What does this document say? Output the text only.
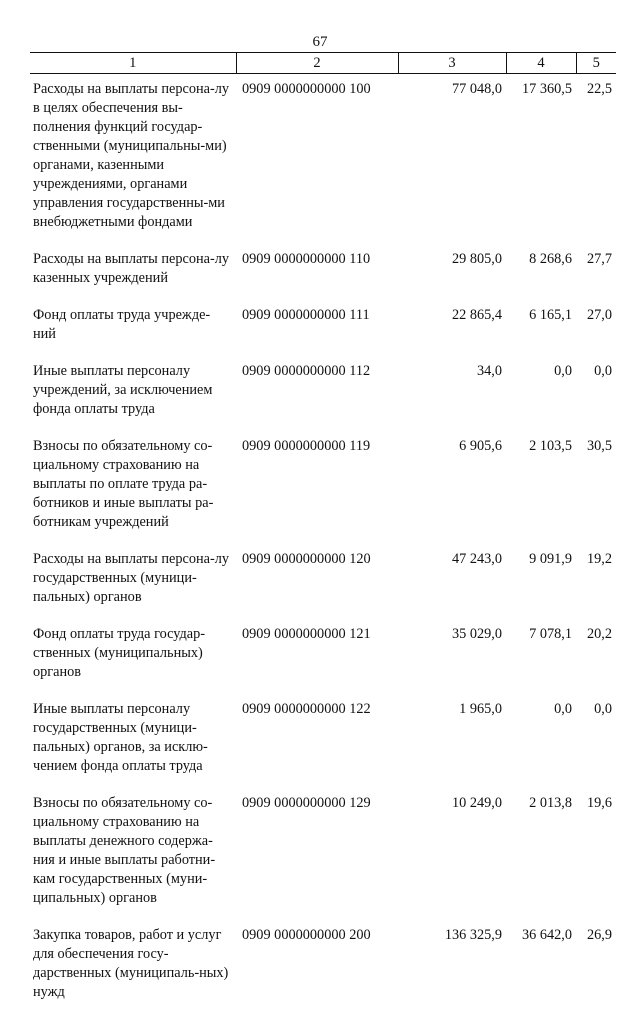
67
1	2	3	4	5
Расходы на выплаты персона-лу в целях обеспечения вы-полнения функций государ-ственными (муниципальны-ми) органами, казенными учреждениями, органами управления государственны-ми внебюджетными фондами	0909 0000000000 100	77 048,0	17 360,5	22,5
Расходы на выплаты персона-лу казенных учреждений	0909 0000000000 110	29 805,0	8 268,6	27,7
Фонд оплаты труда учрежде-ний	0909 0000000000 111	22 865,4	6 165,1	27,0
Иные выплаты персоналу учреждений, за исключением фонда оплаты труда	0909 0000000000 112	34,0	0,0	0,0
Взносы по обязательному со-циальному страхованию на выплаты по оплате труда ра-ботников и иные выплаты ра-ботникам учреждений	0909 0000000000 119	6 905,6	2 103,5	30,5
Расходы на выплаты персона-лу государственных (муници-пальных) органов	0909 0000000000 120	47 243,0	9 091,9	19,2
Фонд оплаты труда государ-ственных (муниципальных) органов	0909 0000000000 121	35 029,0	7 078,1	20,2
Иные выплаты персоналу государственных (муници-пальных) органов, за исклю-чением фонда оплаты труда	0909 0000000000 122	1 965,0	0,0	0,0
Взносы по обязательному со-циальному страхованию на выплаты денежного содержа-ния и иные выплаты работни-кам государственных (муни-ципальных) органов	0909 0000000000 129	10 249,0	2 013,8	19,6
Закупка товаров, работ и услуг для обеспечения госу-дарственных (муниципаль-ных) нужд	0909 0000000000 200	136 325,9	36 642,0	26,9
